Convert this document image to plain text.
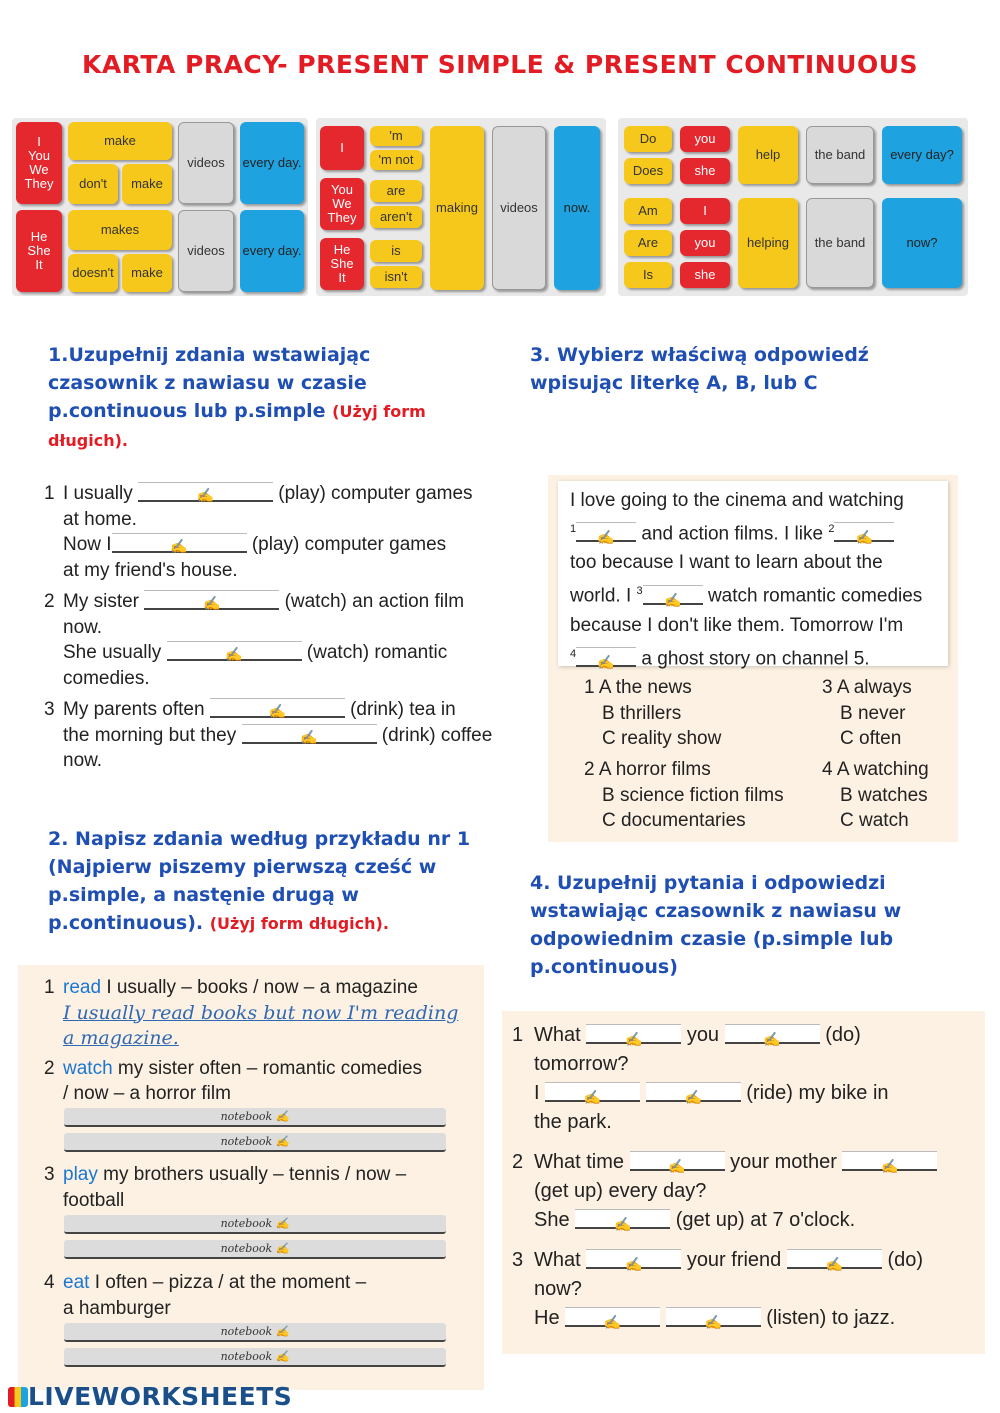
KARTA PRACY- PRESENT SIMPLE & PRESENT CONTINUOUS
I
You
We
They
make
don't	make
videos	every day.
He
She
It
makes
doesn't	make
videos	every day.
I
'm
'm not
You
We
They
are
aren't
He
She
It
is
isn't
making	videos	now.
Do
Does
you
she
help	the band	every day?
Am
Are
Is
I
you
she
helping	the band	now?
1.Uzupełnij zdania wstawiając czasownik z nawiasu w czasie p.continuous lub p.simple (Użyj form długich).
1 I usually	✍	(play) computer games
at home.
Now I	✍	(play) computer games
at my friend's house.
2 My sister	✍	(watch) an action film
now.
She usually	✍	(watch) romantic
comedies.
3 My parents often	✍	(drink) tea in
the morning but they	✍	(drink) coffee
now.
2. Napisz zdania według przykładu nr 1 (Najpierw piszemy pierwszą cześć w p.simple, a nastęnie drugą w p.continuous). (Użyj form długich).
1 read I usually – books / now – a magazine
I usually read books but now I'm reading
a magazine.
2 watch my sister often – romantic comedies
/ now – a horror film
notebook ✍
notebook ✍
3 play my brothers usually – tennis / now –
football
notebook ✍
notebook ✍
4 eat I often – pizza / at the moment –
a hamburger
notebook ✍
notebook ✍
3. Wybierz właściwą odpowiedź wpisując literkę A, B, lub C
I love going to the cinema and watching
$^1$
✍ and action films. I like $^2$
✍
too because I want to learn about the
world. I $^3$
✍ watch romantic comedies
because I don't like them. Tomorrow I'm
$^4$
✍ a ghost story on channel 5.
1 A the news
B thrillers
C reality show
2 A horror films
B science fiction films
C documentaries
3 A always
B never
C often
4 A watching
B watches
C watch
4. Uzupełnij pytania i odpowiedzi wstawiając czasownik z nawiasu w odpowiednim czasie (p.simple lub p.continuous)
1 What	✍ you	✍ (do)
tomorrow?
I	✍
	✍ (ride) my bike in
the park.
2 What time	✍ your mother	✍
(get up) every day?
She	✍ (get up) at 7 o'clock.
3 What	✍ your friend	✍ (do)
now?
He	✍
	✍ (listen) to jazz.
LIVEWORKSHEETS
